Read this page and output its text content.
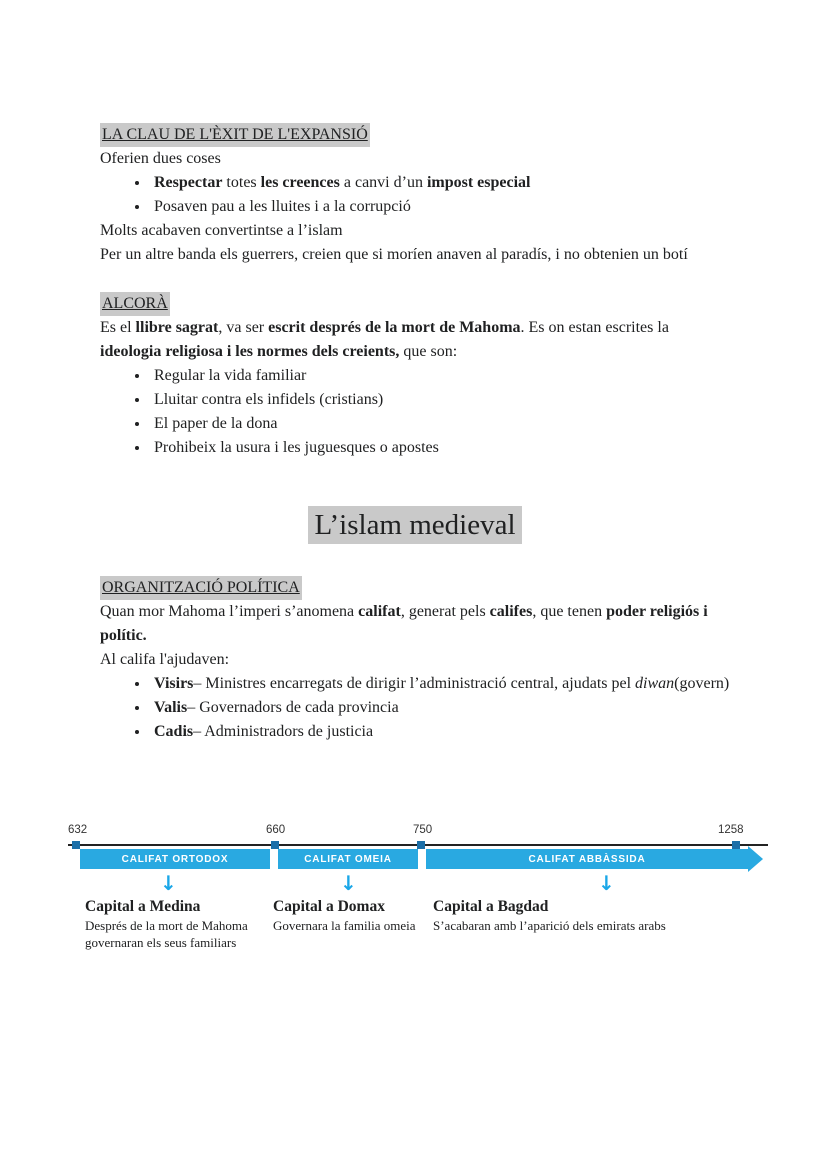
LA CLAU DE L'ÈXIT DE L'EXPANSIÓ

Oferien dues coses

• Respectar totes les creences a canvi d’un impost especial
• Posaven pau a les lluites i a la corrupció

Molts acabaven convertintse a l’islam

Per un altre banda els guerrers, creien que si moríen anaven al paradís, i no obtenien un botí

ALCORÀ

Es el llibre sagrat, va ser escrit després de la mort de Mahoma. Es on estan escrites la ideologia religiosa i les normes dels creients, que son:

• Regular la vida familiar
• Lluitar contra els infidels (cristians)
• El paper de la dona
• Prohibeix la usura i les juguesques o apostes
L’islam medieval
ORGANITZACIÓ POLÍTICA

Quan mor Mahoma l’imperi s’anomena califat, generat pels califes, que tenen poder religiós i polític.

Al califa l'ajudaven:

• Visirs– Ministres encarregats de dirigir l’administració central, ajudats pel diwan(govern)
• Valis– Governadors de cada provincia
• Cadis– Administradors de justicia
632	660	750	1258
CALIFAT ORTODOX	CALIFAT OMEIA	CALIFAT ABBÀSSIDA
↓	↓	↓
Capital a Medina
Després de la mort de Mahoma governaran els seus familiars
Capital a Domax
Governara la familia omeia
Capital a Bagdad
S’acabaran amb l’aparició dels emirats arabs
